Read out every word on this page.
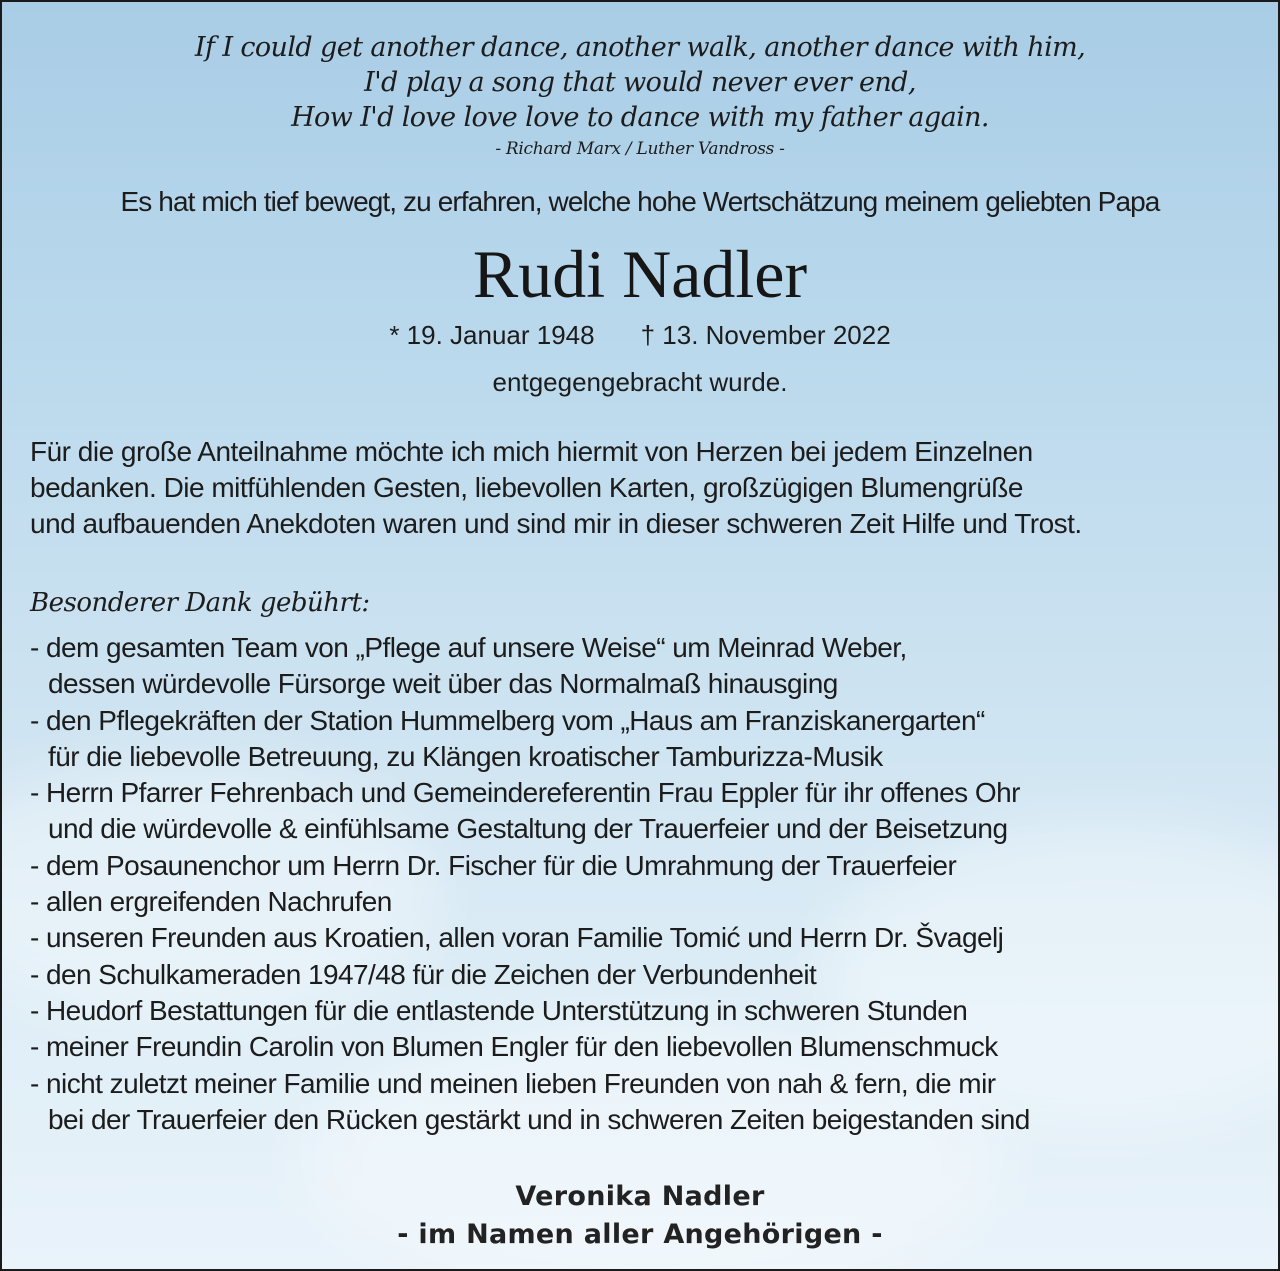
If I could get another dance, another walk, another dance with him,
I'd play a song that would never ever end,
How I'd love love love to dance with my father again.
- Richard Marx / Luther Vandross -
Es hat mich tief bewegt, zu erfahren, welche hohe Wertschätzung meinem geliebten Papa
Rudi Nadler
* 19. Januar 1948 † 13. November 2022
entgegengebracht wurde.
Für die große Anteilnahme möchte ich mich hiermit von Herzen bei jedem Einzelnen
bedanken. Die mitfühlenden Gesten, liebevollen Karten, großzügigen Blumengrüße
und aufbauenden Anekdoten waren und sind mir in dieser schweren Zeit Hilfe und Trost.
Besonderer Dank gebührt:
- dem gesamten Team von „Pflege auf unsere Weise“ um Meinrad Weber,
dessen würdevolle Fürsorge weit über das Normalmaß hinausging
- den Pflegekräften der Station Hummelberg vom „Haus am Franziskanergarten“
für die liebevolle Betreuung, zu Klängen kroatischer Tamburizza-Musik
- Herrn Pfarrer Fehrenbach und Gemeindereferentin Frau Eppler für ihr offenes Ohr
und die würdevolle & einfühlsame Gestaltung der Trauerfeier und der Beisetzung
- dem Posaunenchor um Herrn Dr. Fischer für die Umrahmung der Trauerfeier
- allen ergreifenden Nachrufen
- unseren Freunden aus Kroatien, allen voran Familie Tomić und Herrn Dr. Švagelj
- den Schulkameraden 1947/48 für die Zeichen der Verbundenheit
- Heudorf Bestattungen für die entlastende Unterstützung in schweren Stunden
- meiner Freundin Carolin von Blumen Engler für den liebevollen Blumenschmuck
- nicht zuletzt meiner Familie und meinen lieben Freunden von nah & fern, die mir
bei der Trauerfeier den Rücken gestärkt und in schweren Zeiten beigestanden sind
Veronika Nadler
- im Namen aller Angehörigen -
